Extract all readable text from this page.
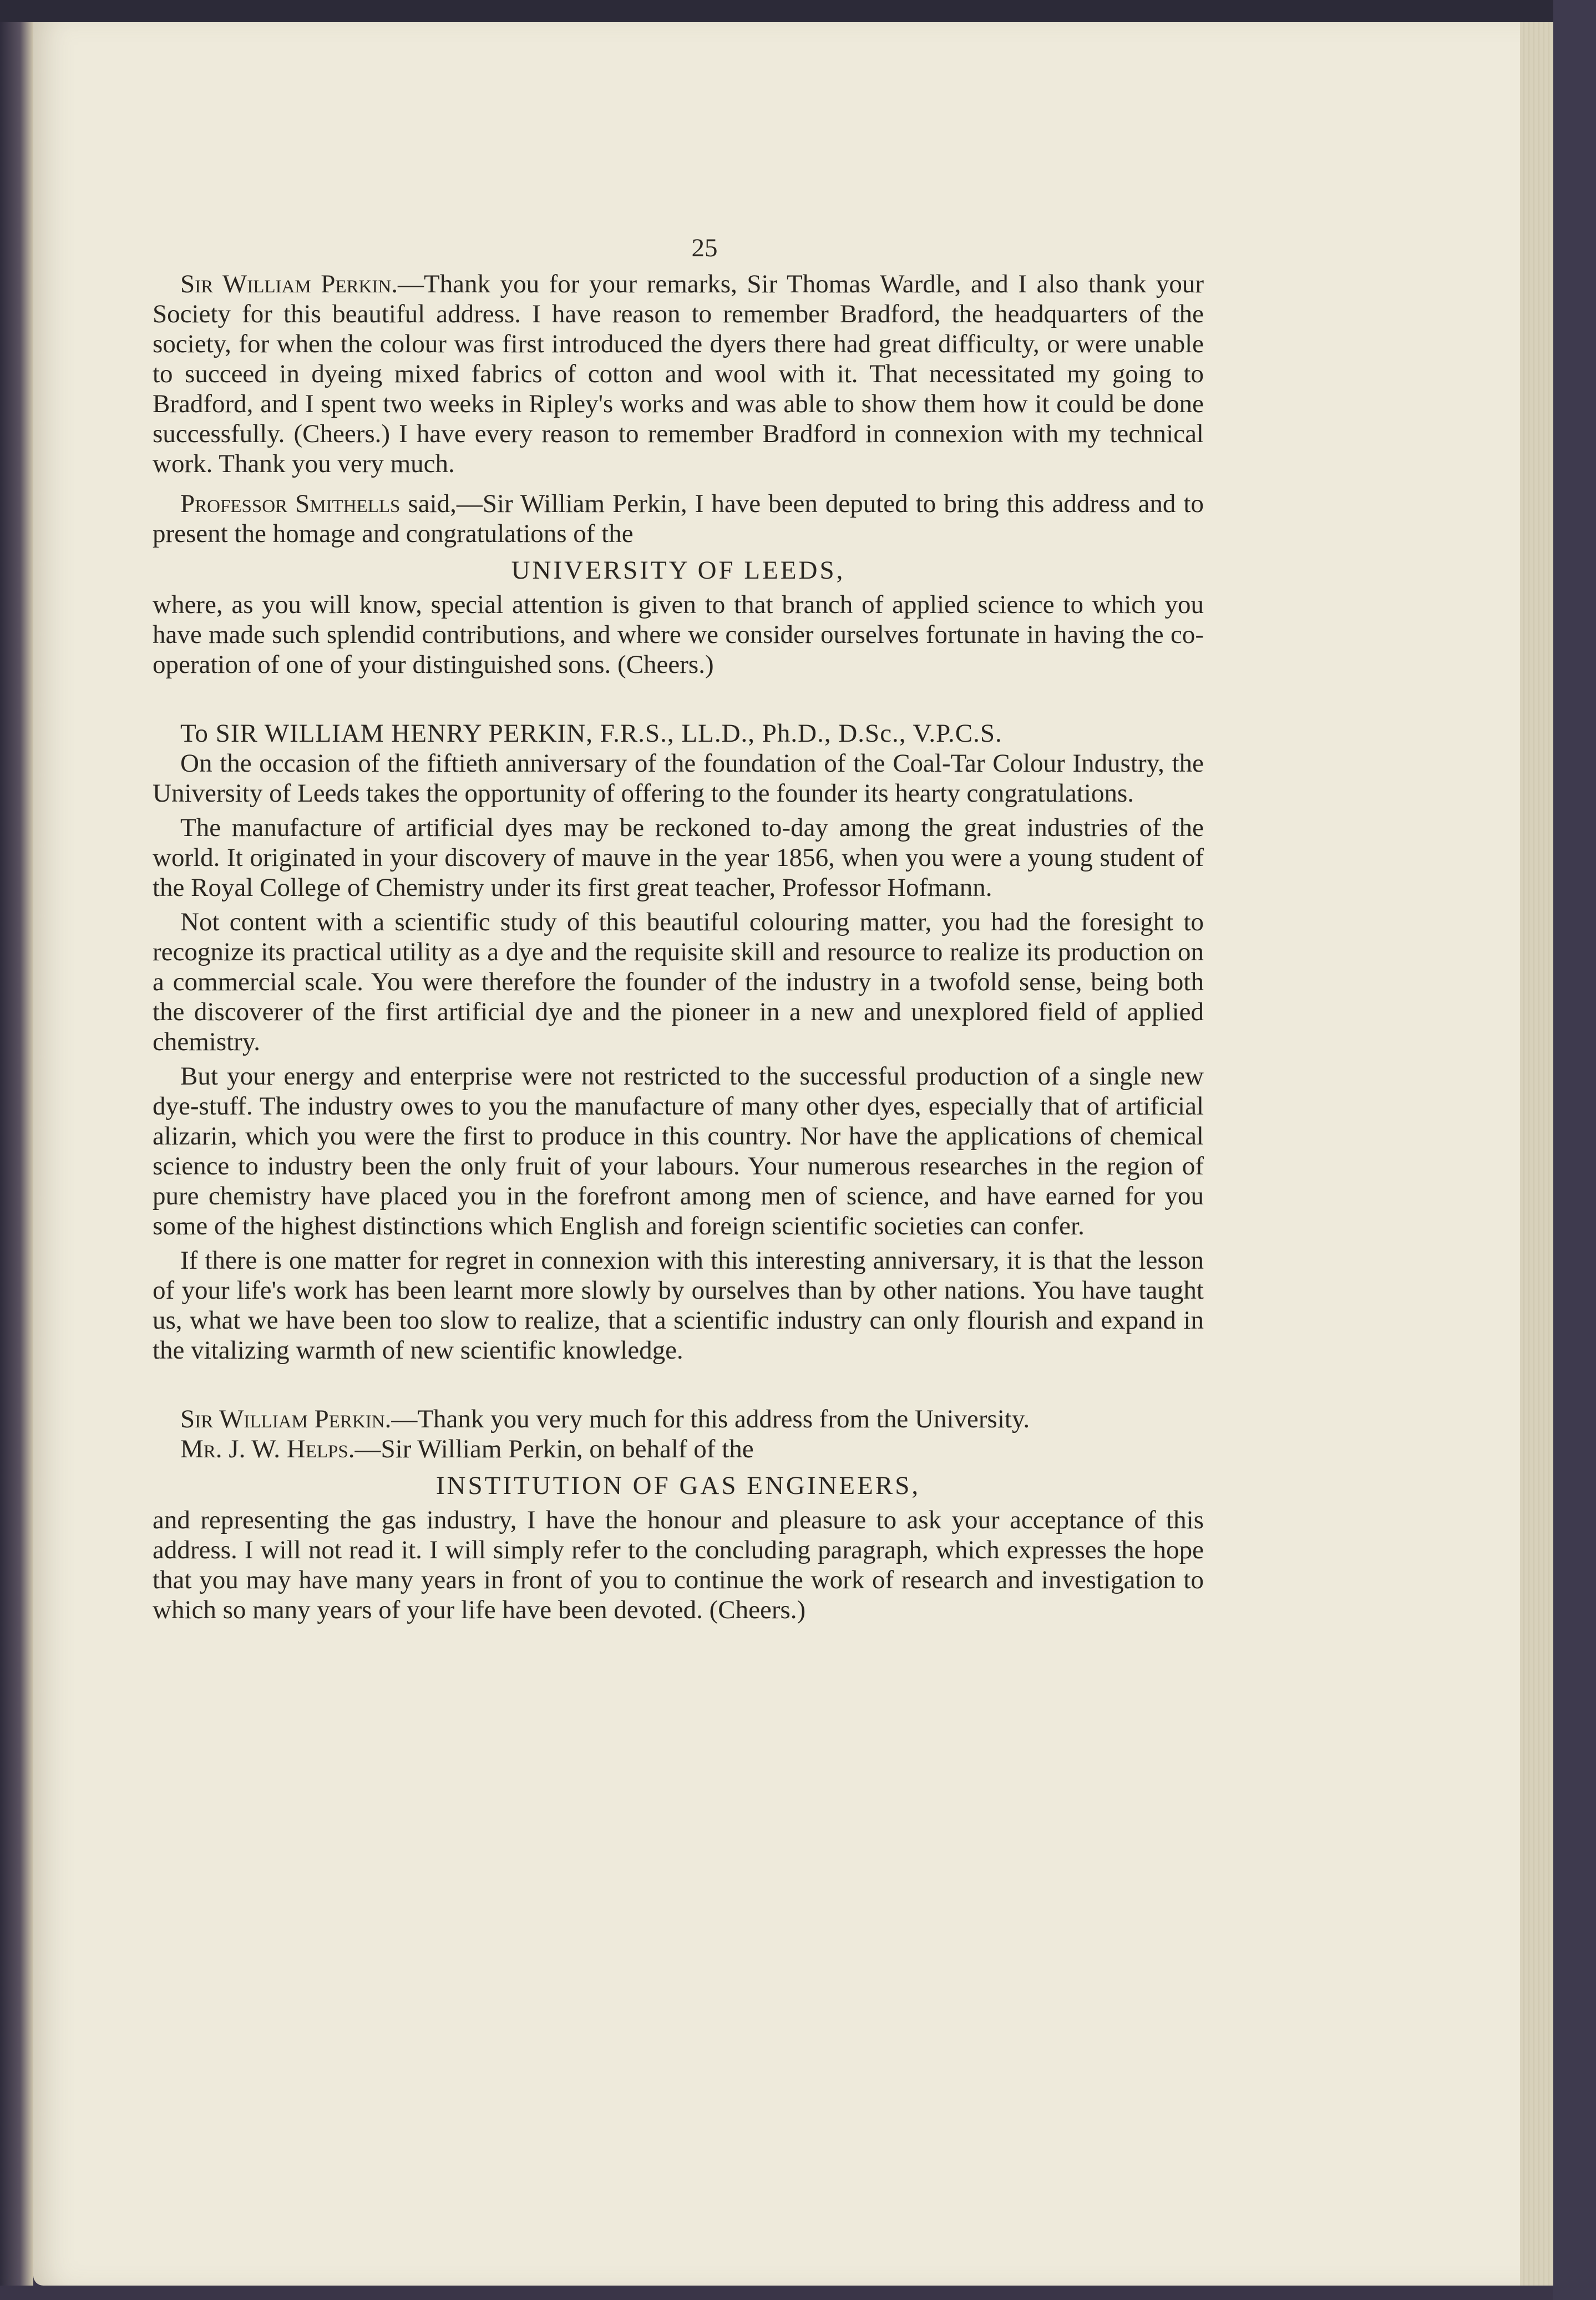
25

Sir William Perkin.—Thank you for your remarks, Sir Thomas Wardle, and I also thank your Society for this beautiful address. I have reason to remember Bradford, the headquarters of the society, for when the colour was first introduced the dyers there had great difficulty, or were unable to succeed in dyeing mixed fabrics of cotton and wool with it. That necessitated my going to Bradford, and I spent two weeks in Ripley's works and was able to show them how it could be done successfully. (Cheers.) I have every reason to remember Bradford in connexion with my technical work. Thank you very much.

Professor Smithells said,—Sir William Perkin, I have been deputed to bring this address and to present the homage and congratulations of the

UNIVERSITY OF LEEDS,

where, as you will know, special attention is given to that branch of applied science to which you have made such splendid contributions, and where we consider ourselves fortunate in having the co-operation of one of your distinguished sons. (Cheers.)

To SIR WILLIAM HENRY PERKIN, F.R.S., LL.D., Ph.D., D.Sc., V.P.C.S.

On the occasion of the fiftieth anniversary of the foundation of the Coal-Tar Colour Industry, the University of Leeds takes the opportunity of offering to the founder its hearty congratulations.

The manufacture of artificial dyes may be reckoned to-day among the great industries of the world. It originated in your discovery of mauve in the year 1856, when you were a young student of the Royal College of Chemistry under its first great teacher, Professor Hofmann.

Not content with a scientific study of this beautiful colouring matter, you had the foresight to recognize its practical utility as a dye and the requisite skill and resource to realize its production on a commercial scale. You were therefore the founder of the industry in a twofold sense, being both the discoverer of the first artificial dye and the pioneer in a new and unexplored field of applied chemistry.

But your energy and enterprise were not restricted to the successful production of a single new dye-stuff. The industry owes to you the manufacture of many other dyes, especially that of artificial alizarin, which you were the first to produce in this country. Nor have the applications of chemical science to industry been the only fruit of your labours. Your numerous researches in the region of pure chemistry have placed you in the forefront among men of science, and have earned for you some of the highest distinctions which English and foreign scientific societies can confer.

If there is one matter for regret in connexion with this interesting anniversary, it is that the lesson of your life's work has been learnt more slowly by ourselves than by other nations. You have taught us, what we have been too slow to realize, that a scientific industry can only flourish and expand in the vitalizing warmth of new scientific knowledge.

Sir William Perkin.—Thank you very much for this address from the University.

Mr. J. W. Helps.—Sir William Perkin, on behalf of the

INSTITUTION OF GAS ENGINEERS,

and representing the gas industry, I have the honour and pleasure to ask your acceptance of this address. I will not read it. I will simply refer to the concluding paragraph, which expresses the hope that you may have many years in front of you to continue the work of research and investigation to which so many years of your life have been devoted. (Cheers.)
